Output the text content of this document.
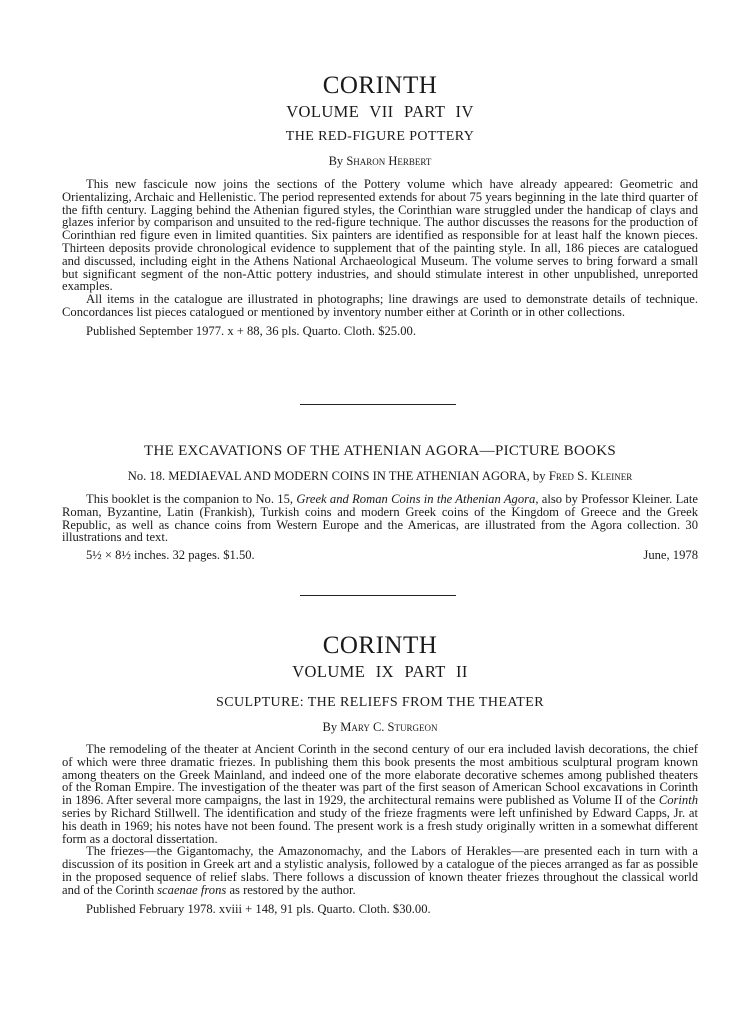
CORINTH
VOLUME VII PART IV
THE RED-FIGURE POTTERY
By Sharon Herbert

This new fascicule now joins the sections of the Pottery volume which have already appeared: Geometric and Orientalizing, Archaic and Hellenistic. The period represented extends for about 75 years beginning in the late third quarter of the fifth century. Lagging behind the Athenian figured styles, the Corinthian ware struggled under the handicap of clays and glazes inferior by comparison and unsuited to the red-figure technique. The author discusses the reasons for the production of Corinthian red figure even in limited quantities. Six painters are identified as responsible for at least half the known pieces. Thirteen deposits provide chronological evidence to supplement that of the painting style. In all, 186 pieces are catalogued and discussed, including eight in the Athens National Archaeological Museum. The volume serves to bring forward a small but significant segment of the non-Attic pottery industries, and should stimulate interest in other unpublished, unreported examples.

All items in the catalogue are illustrated in photographs; line drawings are used to demonstrate details of technique. Concordances list pieces catalogued or mentioned by inventory number either at Corinth or in other collections.

Published September 1977. x + 88, 36 pls. Quarto. Cloth. $25.00.

THE EXCAVATIONS OF THE ATHENIAN AGORA—PICTURE BOOKS
No. 18. MEDIAEVAL AND MODERN COINS IN THE ATHENIAN AGORA, by Fred S. Kleiner

This booklet is the companion to No. 15, Greek and Roman Coins in the Athenian Agora, also by Professor Kleiner. Late Roman, Byzantine, Latin (Frankish), Turkish coins and modern Greek coins of the Kingdom of Greece and the Greek Republic, as well as chance coins from Western Europe and the Americas, are illustrated from the Agora collection. 30 illustrations and text.

5½ × 8½ inches. 32 pages. $1.50.	June, 1978
CORINTH
VOLUME IX PART II
SCULPTURE: THE RELIEFS FROM THE THEATER
By Mary C. Sturgeon

The remodeling of the theater at Ancient Corinth in the second century of our era included lavish decorations, the chief of which were three dramatic friezes. In publishing them this book presents the most ambitious sculptural program known among theaters on the Greek Mainland, and indeed one of the more elaborate decorative schemes among published theaters of the Roman Empire. The investigation of the theater was part of the first season of American School excavations in Corinth in 1896. After several more campaigns, the last in 1929, the architectural remains were published as Volume II of the Corinth series by Richard Stillwell. The identification and study of the frieze fragments were left unfinished by Edward Capps, Jr. at his death in 1969; his notes have not been found. The present work is a fresh study originally written in a somewhat different form as a doctoral dissertation.

The friezes—the Gigantomachy, the Amazonomachy, and the Labors of Herakles—are presented each in turn with a discussion of its position in Greek art and a stylistic analysis, followed by a catalogue of the pieces arranged as far as possible in the proposed sequence of relief slabs. There follows a discussion of known theater friezes throughout the classical world and of the Corinth scaenae frons as restored by the author.

Published February 1978. xviii + 148, 91 pls. Quarto. Cloth. $30.00.
